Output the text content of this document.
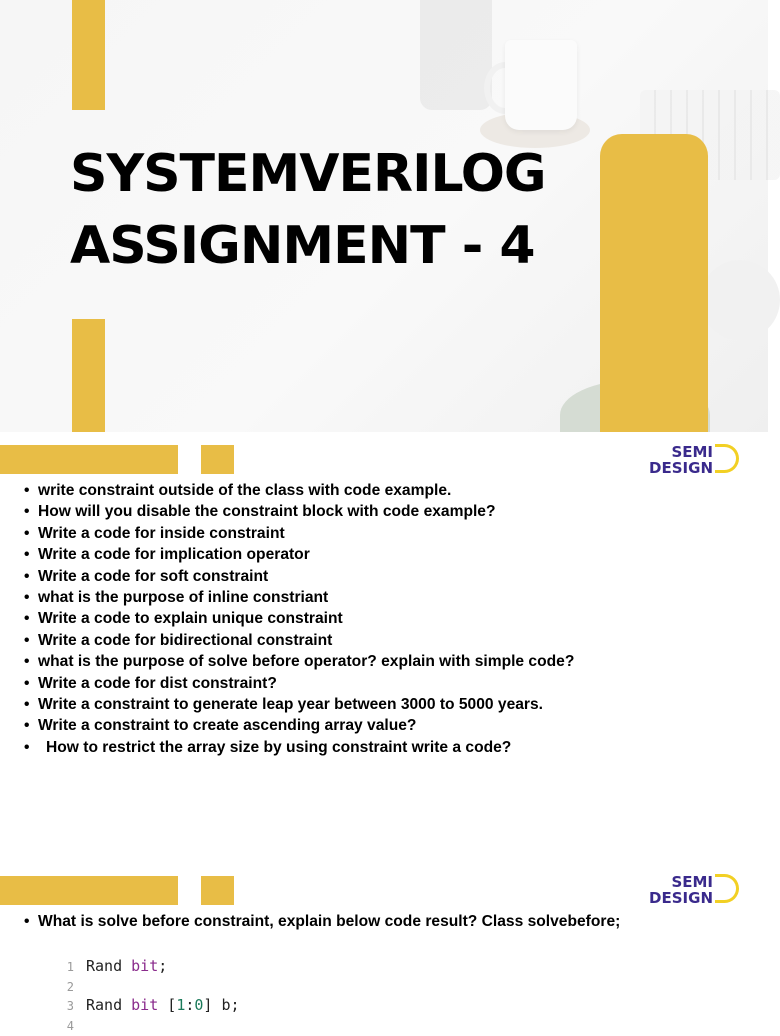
SYSTEMVERILOG
ASSIGNMENT - 4
SEMI
DESIGN
• write constraint outside of the class with code example.
• How will you disable the constraint block with code example?
• Write a code for inside constraint
• Write a code for implication operator
• Write a code for soft constraint
• what is the purpose of inline constriant
• Write a code to explain unique constraint
• Write a code for bidirectional constraint
• what is the purpose of solve before operator? explain with simple code?
• Write a code for dist constraint?
• Write a constraint to generate leap year between 3000 to 5000 years.
• Write a constraint to create ascending array value?
• How to restrict the array size by using constraint write a code?
SEMI
DESIGN

• What is solve before constraint, explain below code result? Class solvebefore;

1 Rand bit;
2
3 Rand bit [1:0] b;
4
